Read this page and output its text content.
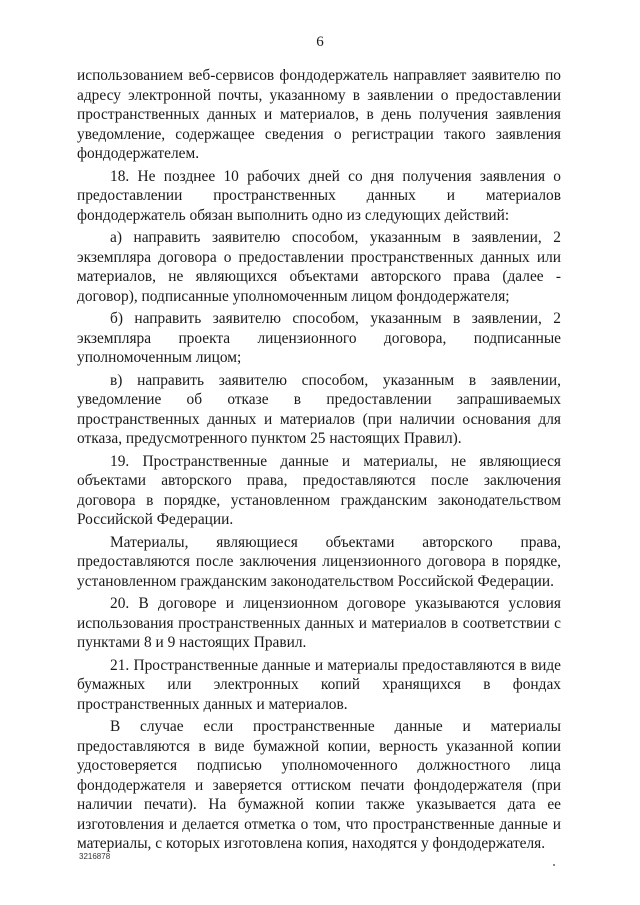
6

использованием веб-сервисов фондодержатель направляет заявителю по адресу электронной почты, указанному в заявлении о предоставлении пространственных данных и материалов, в день получения заявления уведомление, содержащее сведения о регистрации такого заявления фондодержателем.

18. Не позднее 10 рабочих дней со дня получения заявления о предоставлении пространственных данных и материалов фондодержатель обязан выполнить одно из следующих действий:

а) направить заявителю способом, указанным в заявлении, 2 экземпляра договора о предоставлении пространственных данных или материалов, не являющихся объектами авторского права (далее - договор), подписанные уполномоченным лицом фондодержателя;

б) направить заявителю способом, указанным в заявлении, 2 экземпляра проекта лицензионного договора, подписанные уполномоченным лицом;

в) направить заявителю способом, указанным в заявлении, уведомление об отказе в предоставлении запрашиваемых пространственных данных и материалов (при наличии основания для отказа, предусмотренного пунктом 25 настоящих Правил).

19. Пространственные данные и материалы, не являющиеся объектами авторского права, предоставляются после заключения договора в порядке, установленном гражданским законодательством Российской Федерации.

Материалы, являющиеся объектами авторского права, предоставляются после заключения лицензионного договора в порядке, установленном гражданским законодательством Российской Федерации.

20. В договоре и лицензионном договоре указываются условия использования пространственных данных и материалов в соответствии с пунктами 8 и 9 настоящих Правил.

21. Пространственные данные и материалы предоставляются в виде бумажных или электронных копий хранящихся в фондах пространственных данных и материалов.

В случае если пространственные данные и материалы предоставляются в виде бумажной копии, верность указанной копии удостоверяется подписью уполномоченного должностного лица фондодержателя и заверяется оттиском печати фондодержателя (при наличии печати). На бумажной копии также указывается дата ее изготовления и делается отметка о том, что пространственные данные и материалы, с которых изготовлена копия, находятся у фондодержателя.

3216878
